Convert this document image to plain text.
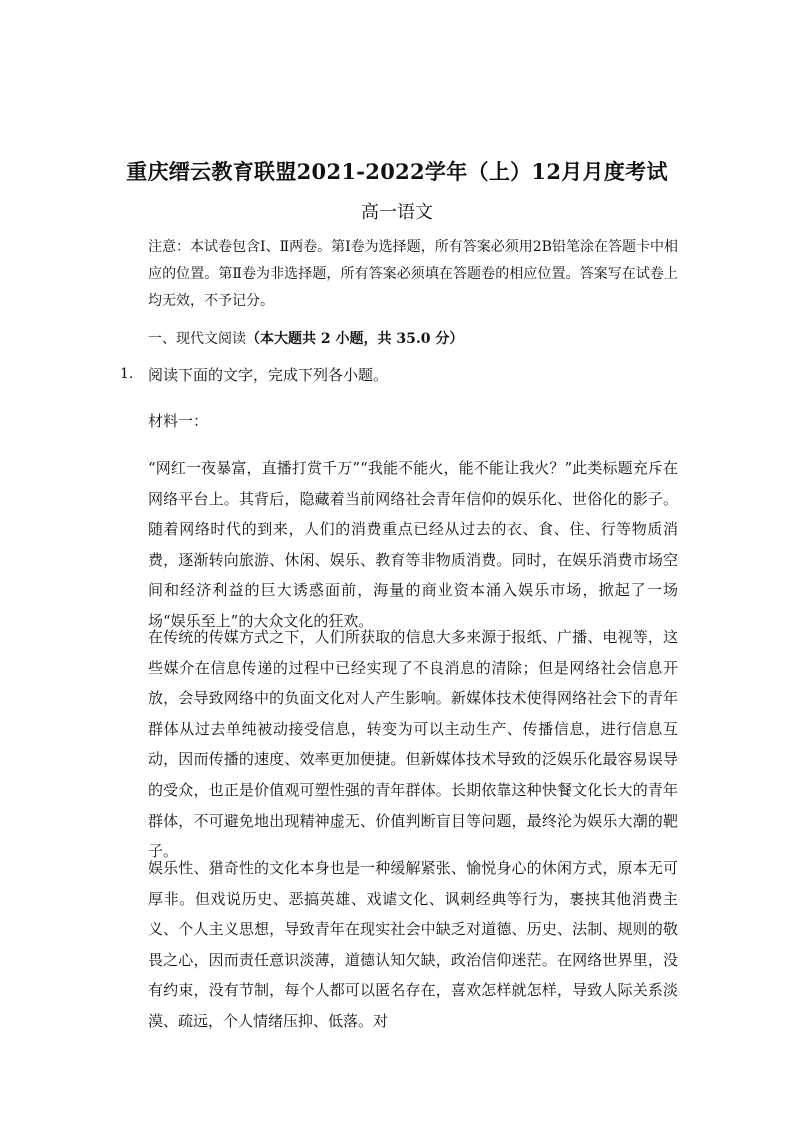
重庆缙云教育联盟2021-2022学年（上）12月月度考试
高一语文
注意：本试卷包含Ⅰ、Ⅱ两卷。第Ⅰ卷为选择题，所有答案必须用2B铅笔涂在答题卡中相应的位置。第Ⅱ卷为非选择题，所有答案必须填在答题卷的相应位置。答案写在试卷上均无效，不予记分。
一、现代文阅读（本大题共 2 小题，共 35.0 分）
1. 阅读下面的文字，完成下列各小题。
材料一：
“网红一夜暴富，直播打赏千万”“我能不能火，能不能让我火？”此类标题充斥在网络平台上。其背后，隐藏着当前网络社会青年信仰的娱乐化、世俗化的影子。随着网络时代的到来，人们的消费重点已经从过去的衣、食、住、行等物质消费，逐渐转向旅游、休闲、娱乐、教育等非物质消费。同时，在娱乐消费市场空间和经济利益的巨大诱惑面前，海量的商业资本涌入娱乐市场，掀起了一场场“娱乐至上”的大众文化的狂欢。
在传统的传媒方式之下，人们所获取的信息大多来源于报纸、广播、电视等，这些媒介在信息传递的过程中已经实现了不良消息的清除；但是网络社会信息开放，会导致网络中的负面文化对人产生影响。新媒体技术使得网络社会下的青年群体从过去单纯被动接受信息，转变为可以主动生产、传播信息，进行信息互动，因而传播的速度、效率更加便捷。但新媒体技术导致的泛娱乐化最容易误导的受众，也正是价值观可塑性强的青年群体。长期依靠这种快餐文化长大的青年群体，不可避免地出现精神虚无、价值判断盲目等问题，最终沦为娱乐大潮的靶子。
娱乐性、猎奇性的文化本身也是一种缓解紧张、愉悦身心的休闲方式，原本无可厚非。但戏说历史、恶搞英雄、戏谑文化、讽刺经典等行为，裹挟其他消费主义、个人主义思想，导致青年在现实社会中缺乏对道德、历史、法制、规则的敬畏之心，因而责任意识淡薄，道德认知欠缺，政治信仰迷茫。在网络世界里，没有约束，没有节制，每个人都可以匿名存在，喜欢怎样就怎样，导致人际关系淡漠、疏远，个人情绪压抑、低落。对
